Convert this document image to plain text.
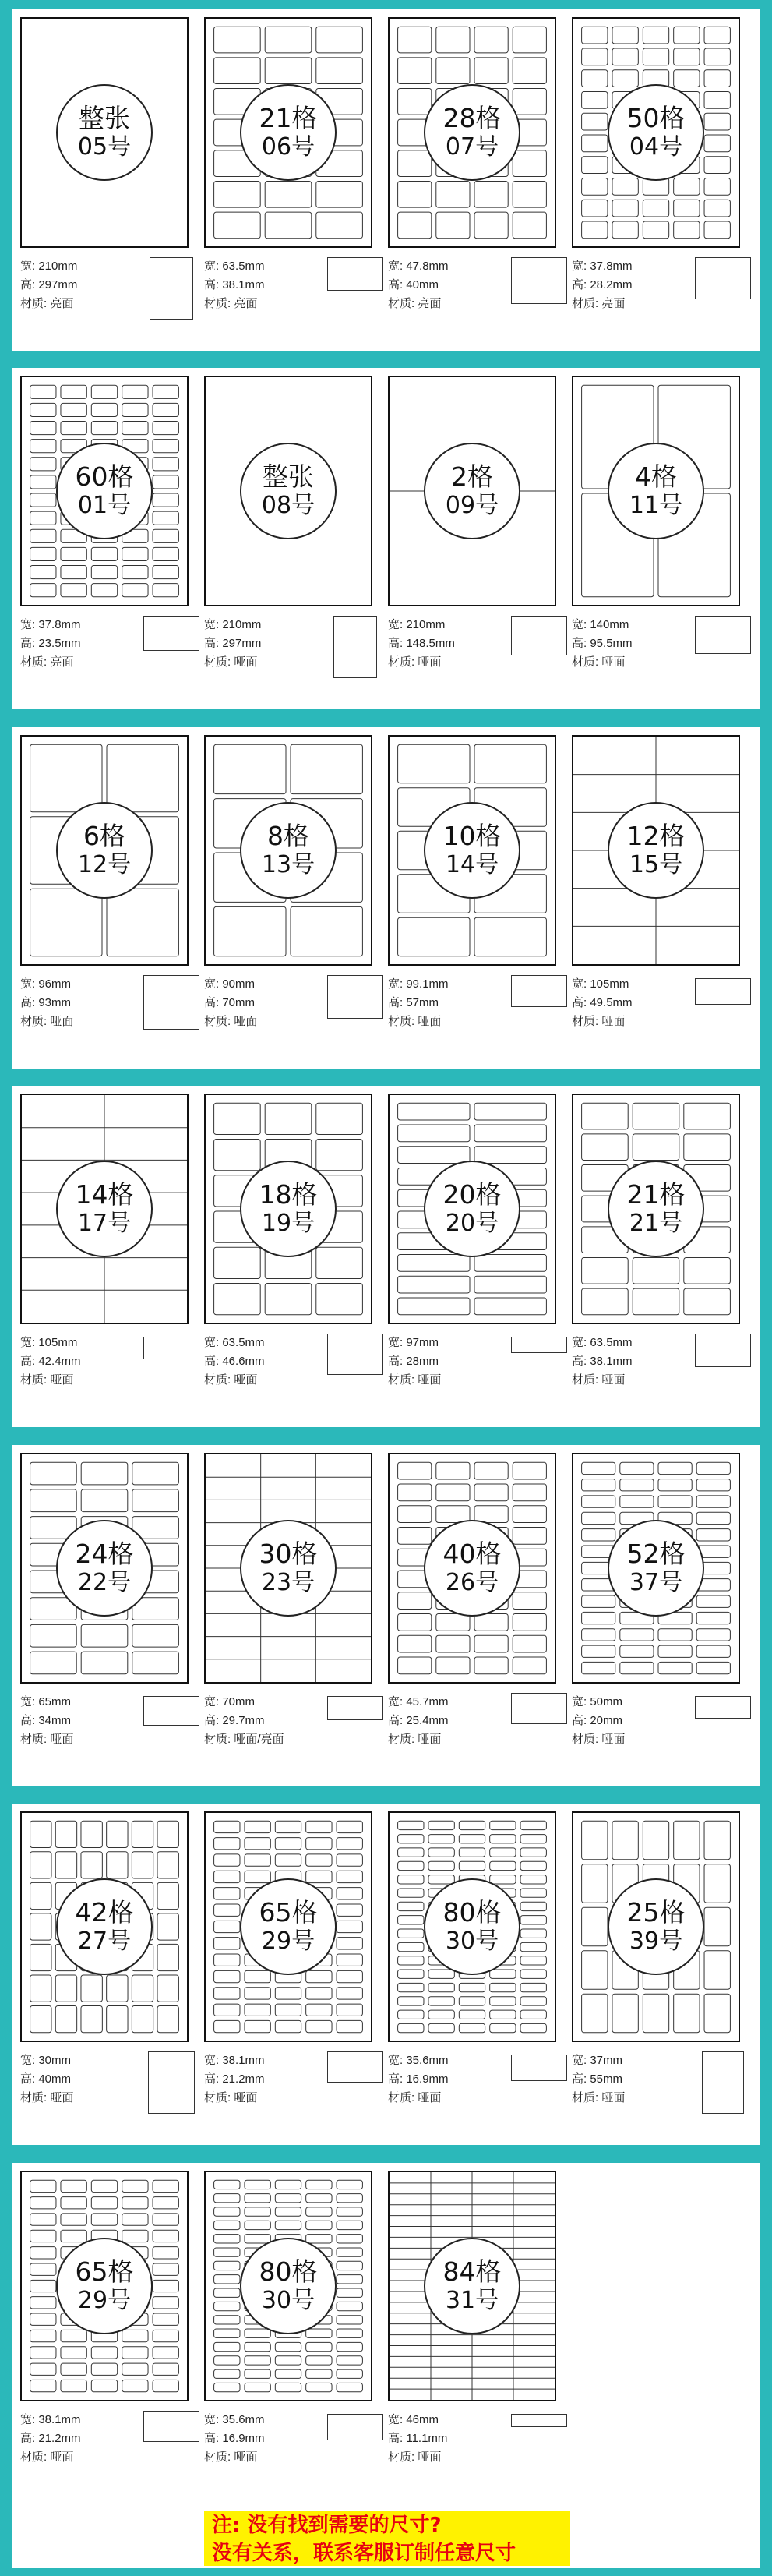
整张
05号
宽: 210mm
高: 297mm
材质: 亮面
21格
06号
宽: 63.5mm
高: 38.1mm
材质: 亮面
28格
07号
宽: 47.8mm
高: 40mm
材质: 亮面
50格
04号
宽: 37.8mm
高: 28.2mm
材质: 亮面
60格
01号
宽: 37.8mm
高: 23.5mm
材质: 亮面
整张
08号
宽: 210mm
高: 297mm
材质: 哑面
2格
09号
宽: 210mm
高: 148.5mm
材质: 哑面
4格
11号
宽: 140mm
高: 95.5mm
材质: 哑面
6格
12号
宽: 96mm
高: 93mm
材质: 哑面
8格
13号
宽: 90mm
高: 70mm
材质: 哑面
10格
14号
宽: 99.1mm
高: 57mm
材质: 哑面
12格
15号
宽: 105mm
高: 49.5mm
材质: 哑面
14格
17号
宽: 105mm
高: 42.4mm
材质: 哑面
18格
19号
宽: 63.5mm
高: 46.6mm
材质: 哑面
20格
20号
宽: 97mm
高: 28mm
材质: 哑面
21格
21号
宽: 63.5mm
高: 38.1mm
材质: 哑面
24格
22号
宽: 65mm
高: 34mm
材质: 哑面
30格
23号
宽: 70mm
高: 29.7mm
材质: 哑面/亮面
40格
26号
宽: 45.7mm
高: 25.4mm
材质: 哑面
52格
37号
宽: 50mm
高: 20mm
材质: 哑面
42格
27号
宽: 30mm
高: 40mm
材质: 哑面
65格
29号
宽: 38.1mm
高: 21.2mm
材质: 哑面
80格
30号
宽: 35.6mm
高: 16.9mm
材质: 哑面
25格
39号
宽: 37mm
高: 55mm
材质: 哑面
65格
29号
宽: 38.1mm
高: 21.2mm
材质: 哑面
80格
30号
宽: 35.6mm
高: 16.9mm
材质: 哑面
84格
31号
宽: 46mm
高: 11.1mm
材质: 哑面
注: 没有找到需要的尺寸?
没有关系，联系客服订制任意尺寸
